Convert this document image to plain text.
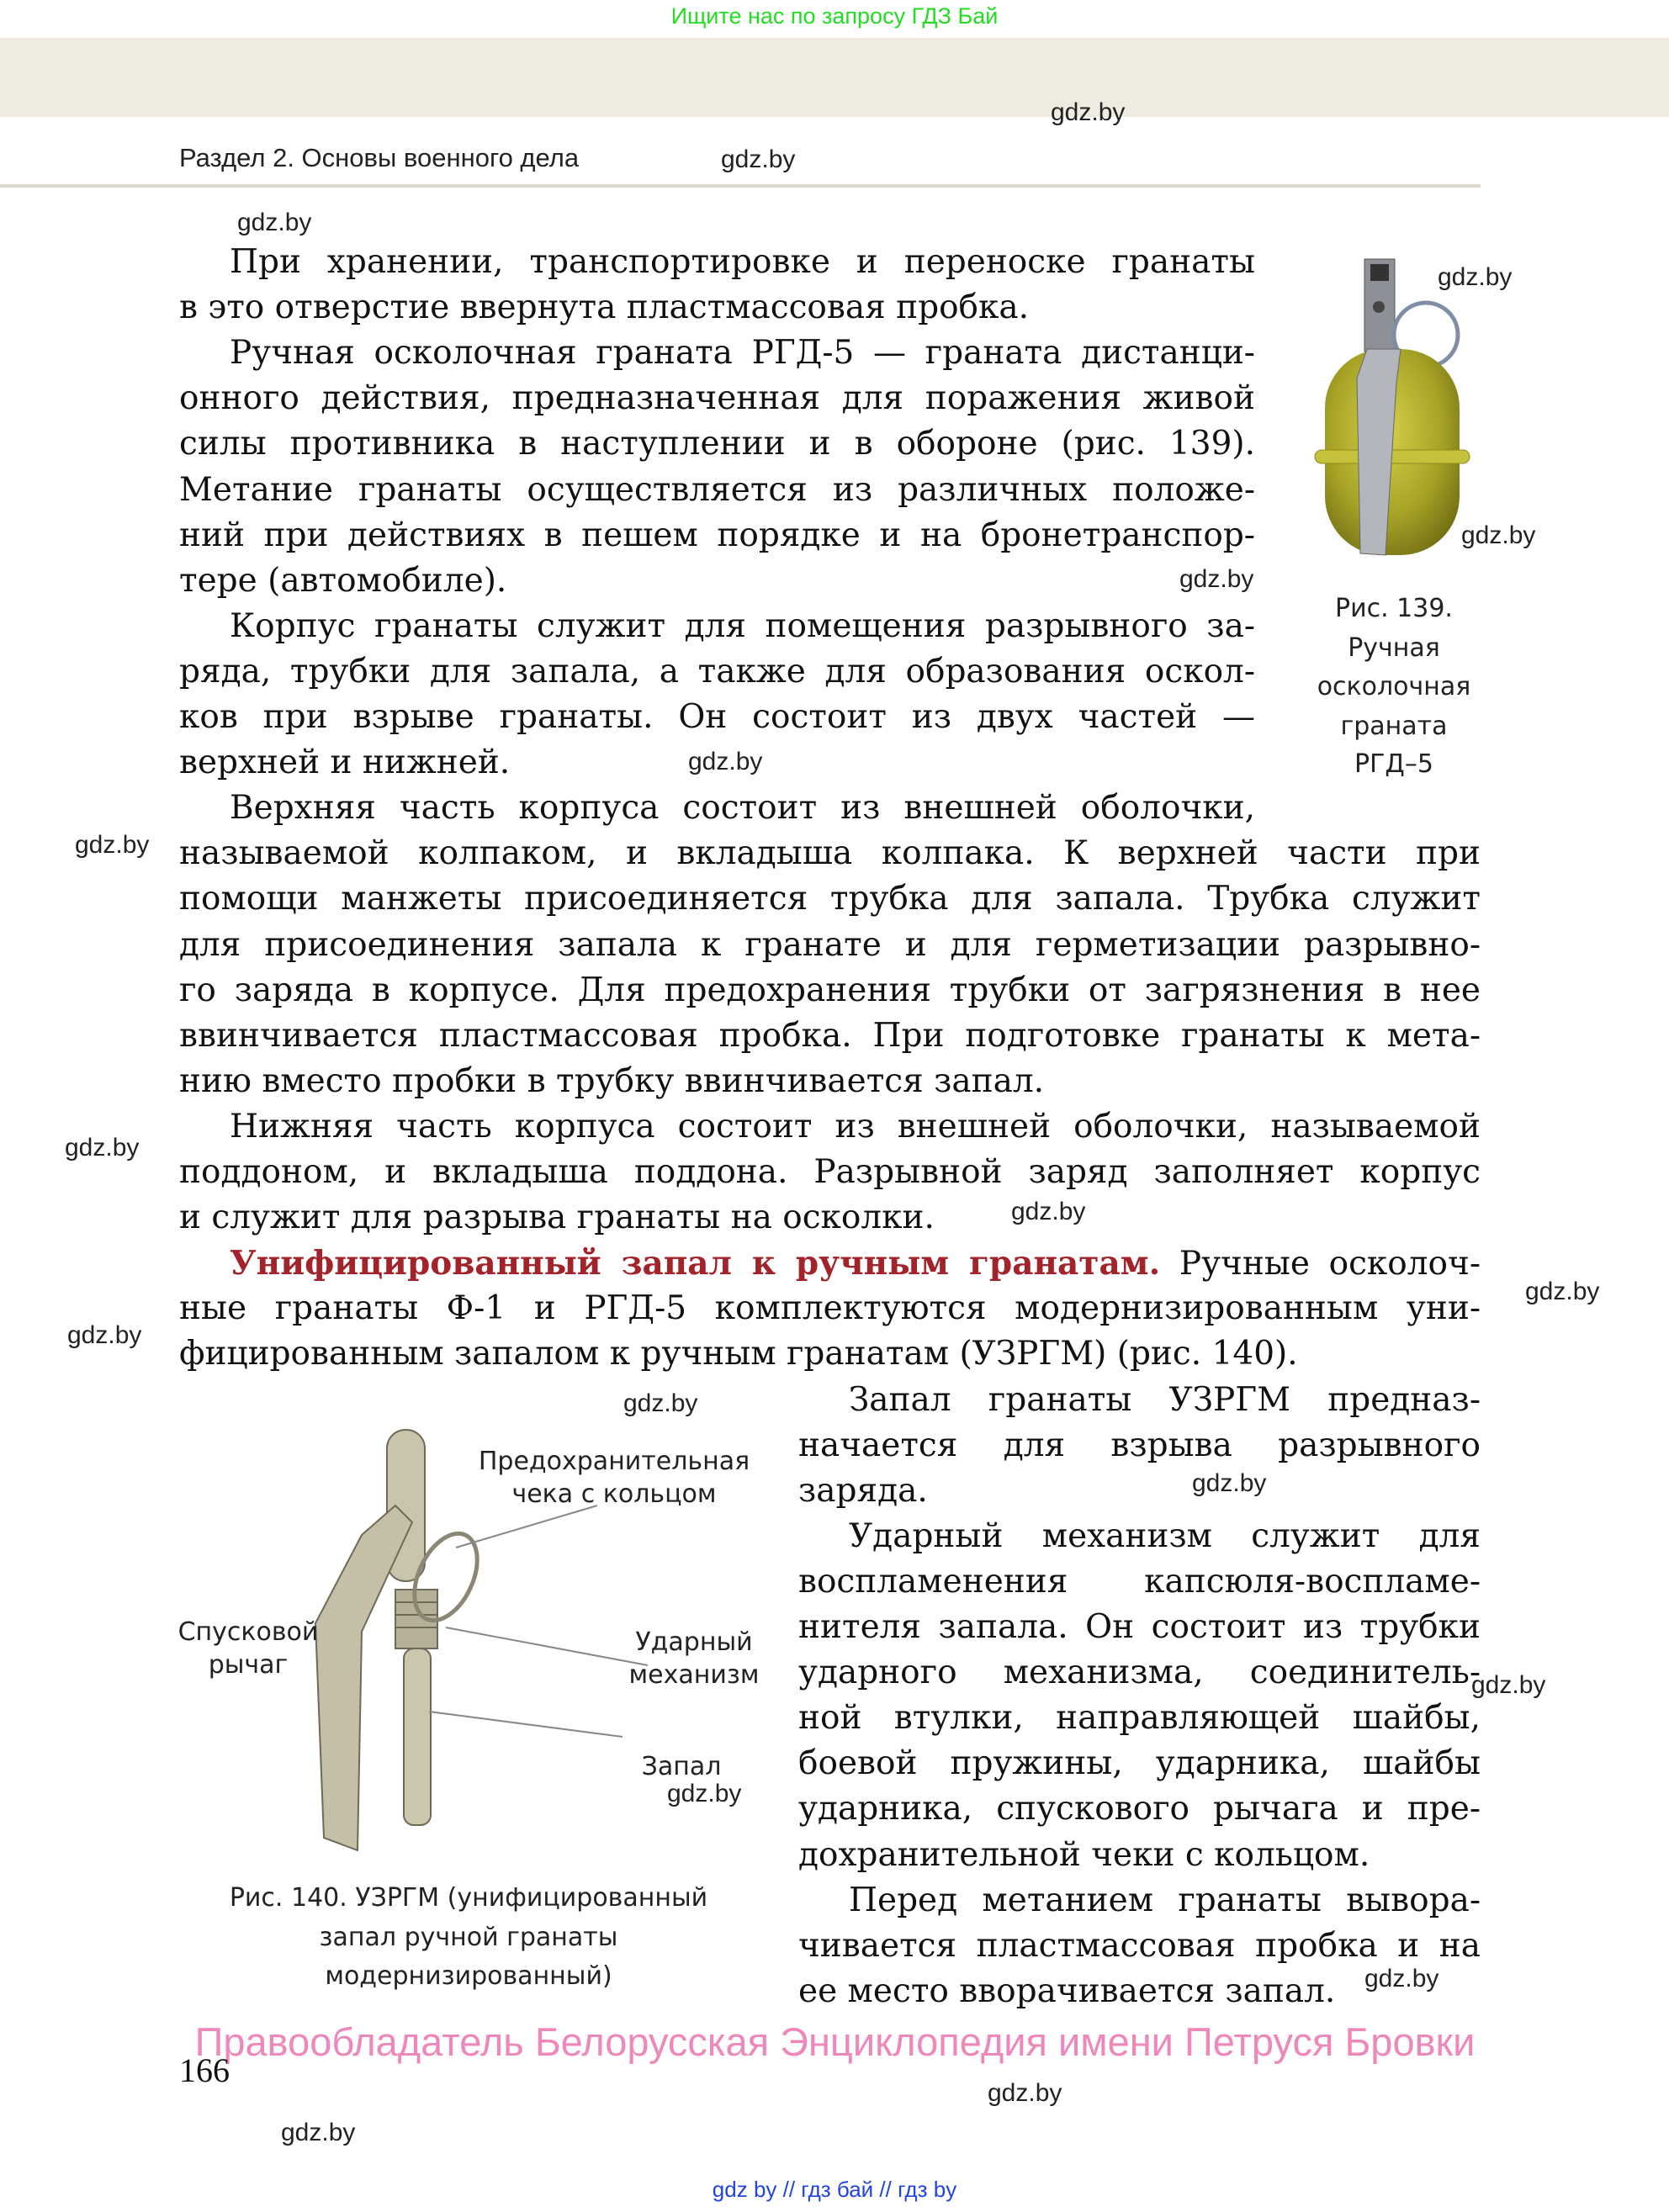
Ищите нас по запросу ГДЗ Бай
Раздел 2. Основы военного дела
При хранении, транспортировке и переноске гранаты
в это отверстие ввернута пластмассовая пробка.
Ручная осколочная граната РГД-5 — граната дистанци-
онного действия, предназначенная для поражения живой
силы противника в наступлении и в обороне (рис. 139).
Метание гранаты осуществляется из различных положе-
ний при действиях в пешем порядке и на бронетранспор-
тере (автомобиле).
Корпус гранаты служит для помещения разрывного за-
ряда, трубки для запала, а также для образования оскол-
ков при взрыве гранаты. Он состоит из двух частей —
верхней и нижней.
Верхняя часть корпуса состоит из внешней оболочки,
называемой колпаком, и вкладыша колпака. К верхней части при
помощи манжеты присоединяется трубка для запала. Трубка служит
для присоединения запала к гранате и для герметизации разрывно-
го заряда в корпусе. Для предохранения трубки от загрязнения в нее
ввинчивается пластмассовая пробка. При подготовке гранаты к мета-
нию вместо пробки в трубку ввинчивается запал.
Нижняя часть корпуса состоит из внешней оболочки, называемой
поддоном, и вкладыша поддона. Разрывной заряд заполняет корпус
и служит для разрыва гранаты на осколки.
Унифицированный запал к ручным гранатам. Ручные осколоч-
ные гранаты Ф-1 и РГД-5 комплектуются модернизированным уни-
фицированным запалом к ручным гранатам (УЗРГМ) (рис. 140).
Запал гранаты УЗРГМ предназ-
начается для взрыва разрывного
заряда.
Ударный механизм служит для
воспламенения капсюля-воспламе-
нителя запала. Он состоит из трубки
ударного механизма, соединитель-
ной втулки, направляющей шайбы,
боевой пружины, ударника, шайбы
ударника, спускового рычага и пре-
дохранительной чеки с кольцом.
Перед метанием гранаты вывора-
чивается пластмассовая пробка и на
ее место вворачивается запал.
Рис. 139.
Ручная
осколочная
граната
РГД–5
Предохранительная
чека с кольцом
Спусковой
рычаг
Ударный
механизм
Запал
Рис. 140. УЗРГМ (унифицированный
запал ручной гранаты
модернизированный)
gdz.by
gdz.by
gdz.by
gdz.by
gdz.by
gdz.by
gdz.by
gdz.by
gdz.by
gdz.by
gdz.by
gdz.by
gdz.by
gdz.by
gdz.by
gdz.by
gdz.by
gdz.by
gdz.by
Правообладатель Белорусская Энциклопедия имени Петруся Бровки
166
gdz by // гдз бай // гдз by
